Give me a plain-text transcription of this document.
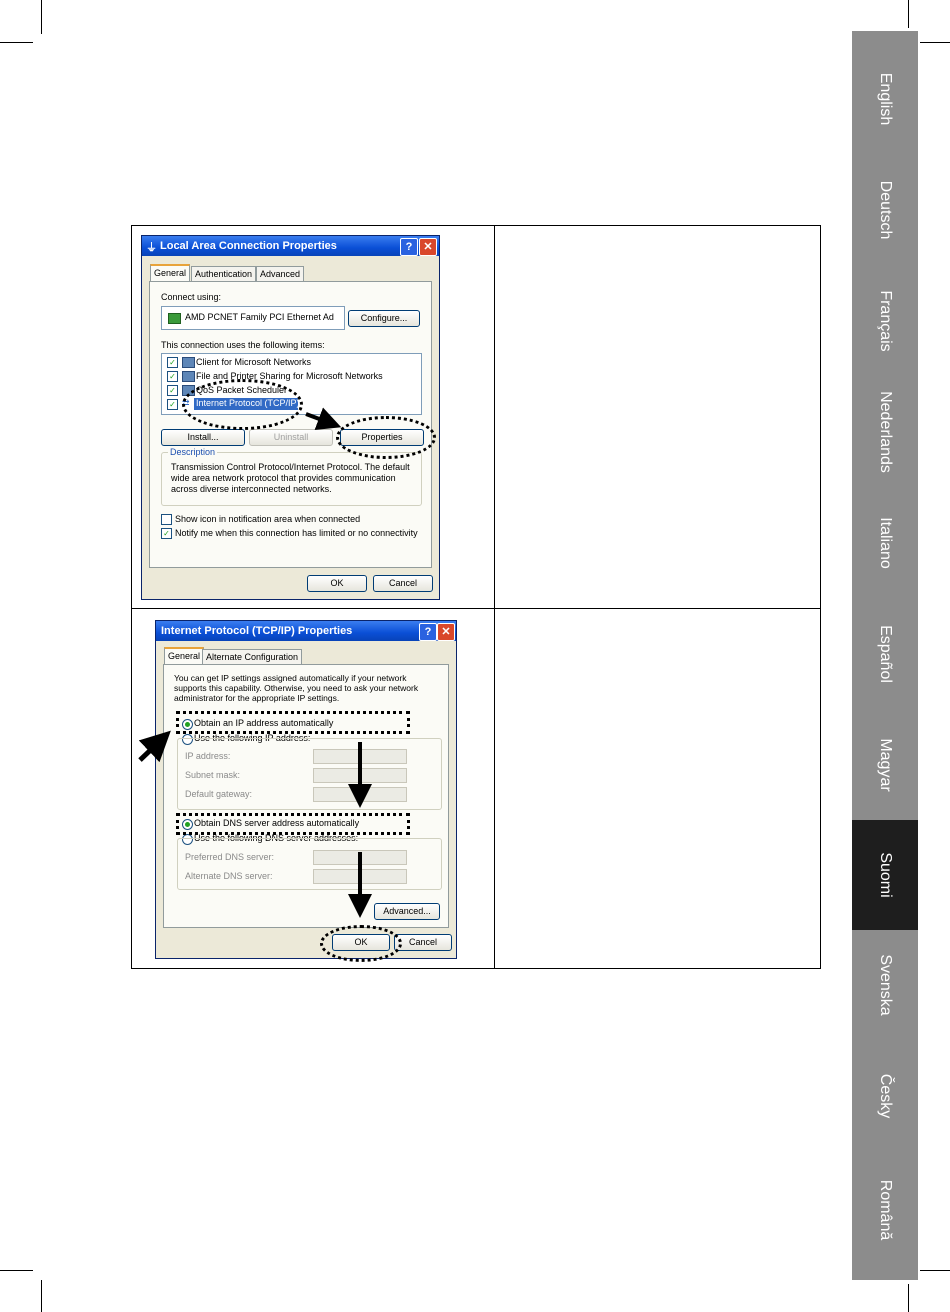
English
Deutsch
Français
Nederlands
Italiano
Español
Magyar
Suomi
Svenska
Česky
Română
⏚ Local Area Connection Properties	?	✕
General Authentication Advanced
Connect using:
AMD PCNET Family PCI Ethernet Ad	Configure...
This connection uses the following items:
✓ Client for Microsoft Networks
✓ File and Printer Sharing for Microsoft Networks
✓ QoS Packet Scheduler
✓ ⇄ Internet Protocol (TCP/IP)
Install...	Uninstall	Properties
Description
Transmission Control Protocol/Internet Protocol. The default wide area network protocol that provides communication across diverse interconnected networks.
Show icon in notification area when connected
✓ Notify me when this connection has limited or no connectivity
OK	Cancel
Internet Protocol (TCP/IP) Properties	? ✕
General Alternate Configuration
You can get IP settings assigned automatically if your network supports this capability. Otherwise, you need to ask your network administrator for the appropriate IP settings.
Obtain an IP address automatically
Use the following IP address:
IP address:
Subnet mask:
Default gateway:
Obtain DNS server address automatically
Use the following DNS server addresses:
Preferred DNS server:
Alternate DNS server:
Advanced...
OK	Cancel
